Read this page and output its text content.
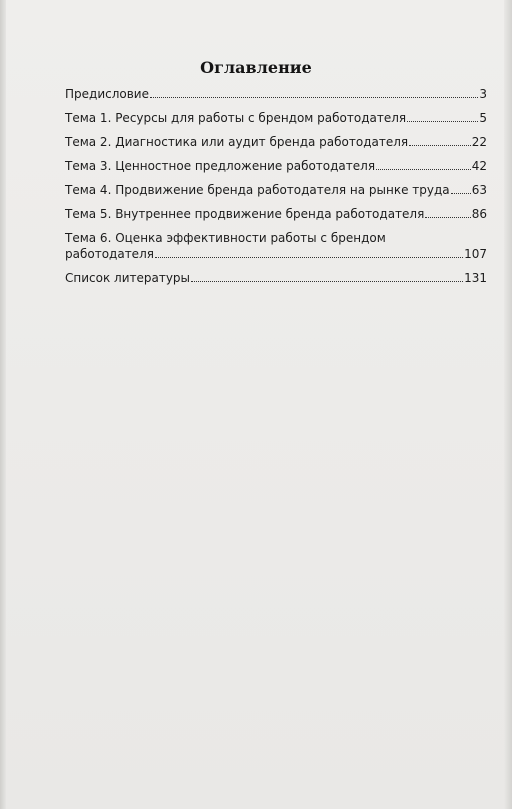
Оглавление
Предисловие	3
Тема 1. Ресурсы для работы с брендом работодателя	5
Тема 2. Диагностика или аудит бренда работодателя	22
Тема 3. Ценностное предложение работодателя	42
Тема 4. Продвижение бренда работодателя на рынке труда 63
Тема 5. Внутреннее продвижение бренда работодателя	86
Тема 6. Оценка эффективности работы с брендом
работодателя	107
Список литературы	131
